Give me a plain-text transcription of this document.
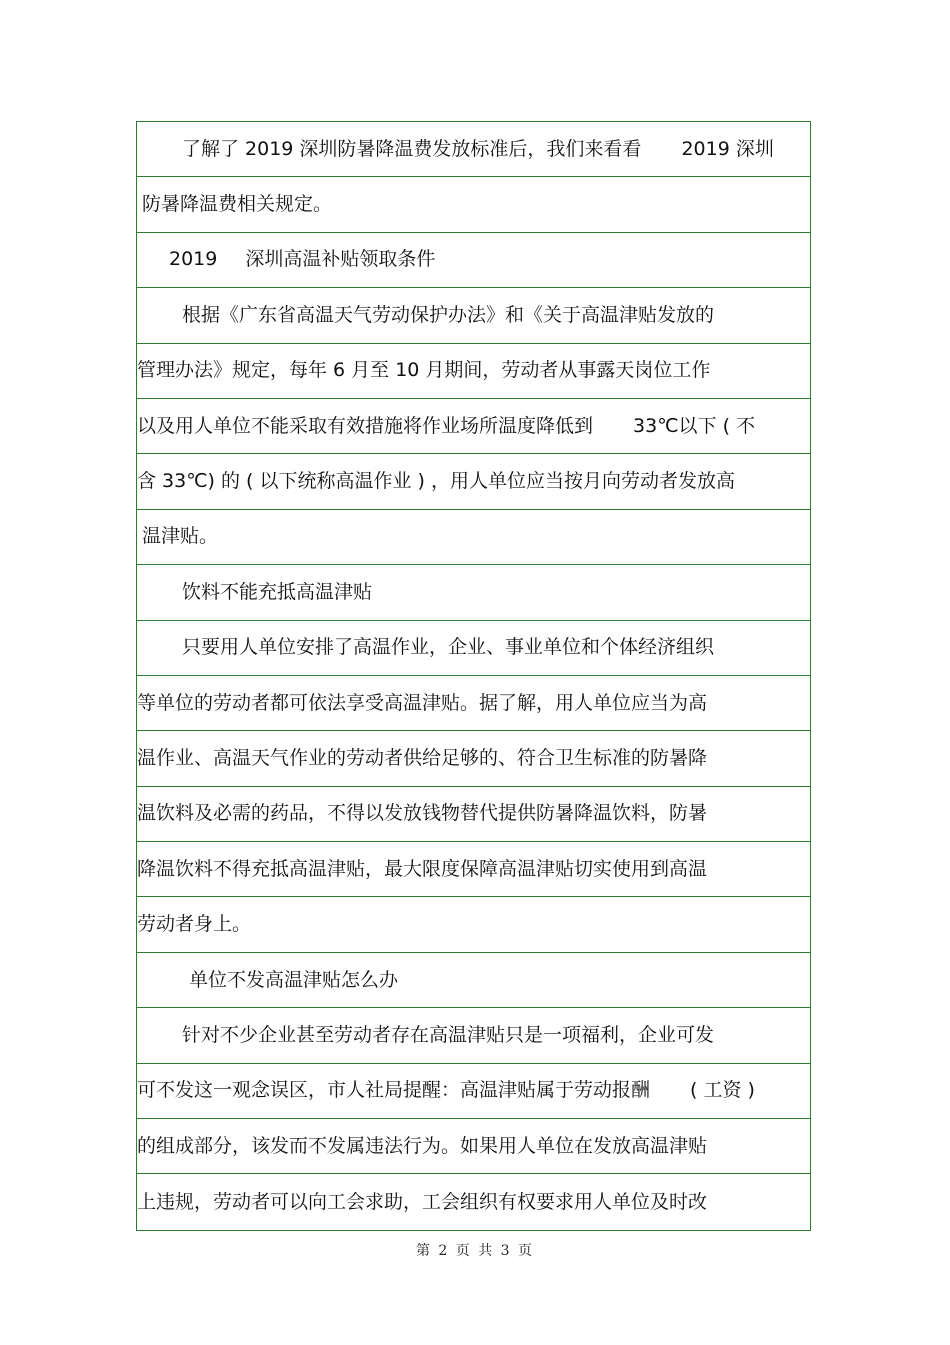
了解了 2019 深圳防暑降温费发放标准后，我们来看看 2019 深圳
防暑降温费相关规定。
2019 深圳高温补贴领取条件
根据《广东省高温天气劳动保护办法》和《关于高温津贴发放的
管理办法》规定，每年 6 月至 10 月期间，劳动者从事露天岗位工作
以及用人单位不能采取有效措施将作业场所温度降低到 33℃以下 ( 不
含 33℃) 的 ( 以下统称高温作业 ) ，用人单位应当按月向劳动者发放高
温津贴。
饮料不能充抵高温津贴
只要用人单位安排了高温作业，企业、事业单位和个体经济组织
等单位的劳动者都可依法享受高温津贴。据了解，用人单位应当为高
温作业、高温天气作业的劳动者供给足够的、符合卫生标准的防暑降
温饮料及必需的药品，不得以发放钱物替代提供防暑降温饮料，防暑
降温饮料不得充抵高温津贴，最大限度保障高温津贴切实使用到高温
劳动者身上。
单位不发高温津贴怎么办
针对不少企业甚至劳动者存在高温津贴只是一项福利，企业可发
可不发这一观念误区，市人社局提醒：高温津贴属于劳动报酬 ( 工资 )
的组成部分，该发而不发属违法行为。如果用人单位在发放高温津贴
上违规，劳动者可以向工会求助，工会组织有权要求用人单位及时改
第 2 页 共 3 页
